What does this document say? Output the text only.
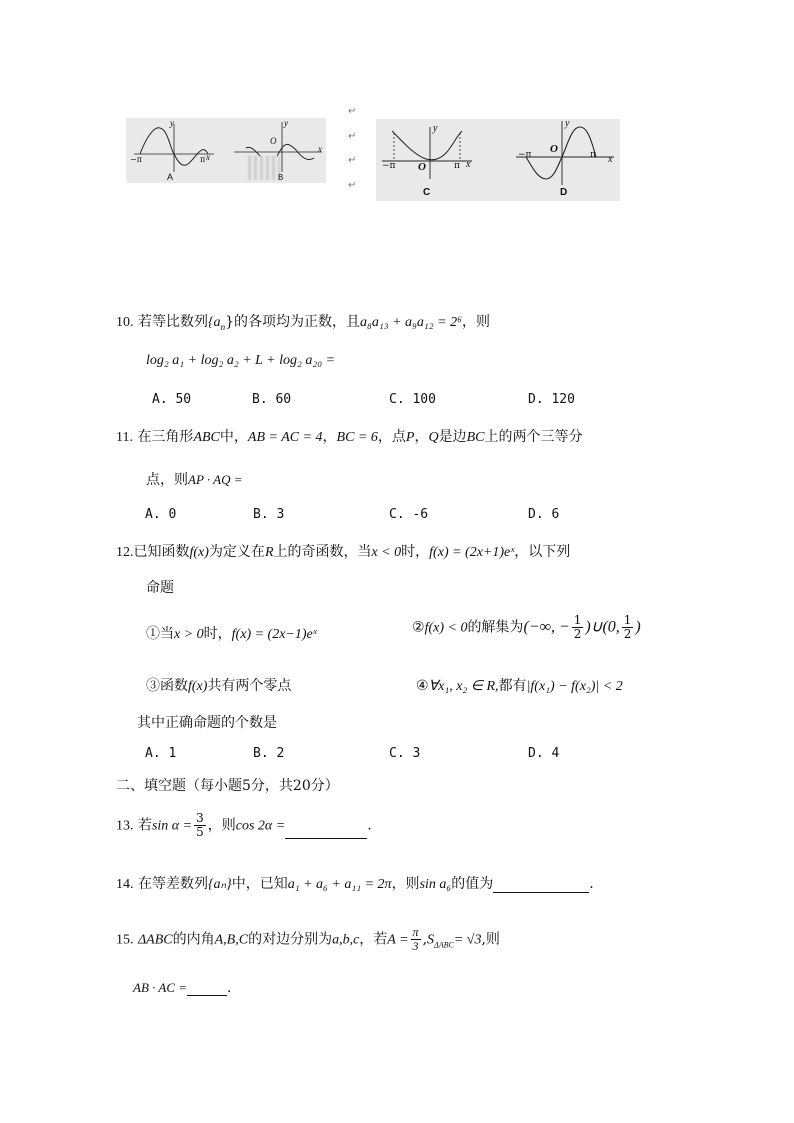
y
x
−π	π
A
y
O
x
B
↵
↵
↵
↵
y
O	x
−π	π
C
y
O
x
−π	π
D
10. 若等比数列$\{a_n\}$的各项均为正数，且a₈a₁₃ + a₉a₁₂ = 2⁶，则
log₂ a₁ + log₂ a₂ + L + log₂ a₂₀ =
A. 50	B. 60	C. 100	D. 120
11. 在三角形ABC中，AB = AC = 4，BC = 6，点P，Q是边BC上的两个三等分
点，则AP · AQ =
A. 0	B. 3	C. -6	D. 6
12.已知函数f(x)为定义在R上的奇函数，当x < 0时，f(x) = (2x+1)eˣ，以下列
命题
①当x > 0时，f(x) = (2x−1)eˣ	②f(x) < 0的解集为(−∞, − $\frac{1}{2}$ )∪(0, $\frac{1}{2}$ )
③函数f(x)共有两个零点	④∀x₁, x₂ ∈ R,都有|f(x₁) − f(x₂)| < 2
其中正确命题的个数是
A. 1	B. 2	C. 3	D. 4
二、填空题（每小题5分，共20分）
13. 若$\sin \alpha = \frac{3}{5}$ ，则cos 2α =	.
14. 在等差数列{aₙ}中，已知a₁ + a₆ + a₁₁ = 2π，则sin a₆的值为	.
15. ΔABC的内角A,B,C的对边分别为a,b,c，若$A = \frac{\pi}{3} ,S_{\Delta ABC}= √3$,则
AB · AC =	.
